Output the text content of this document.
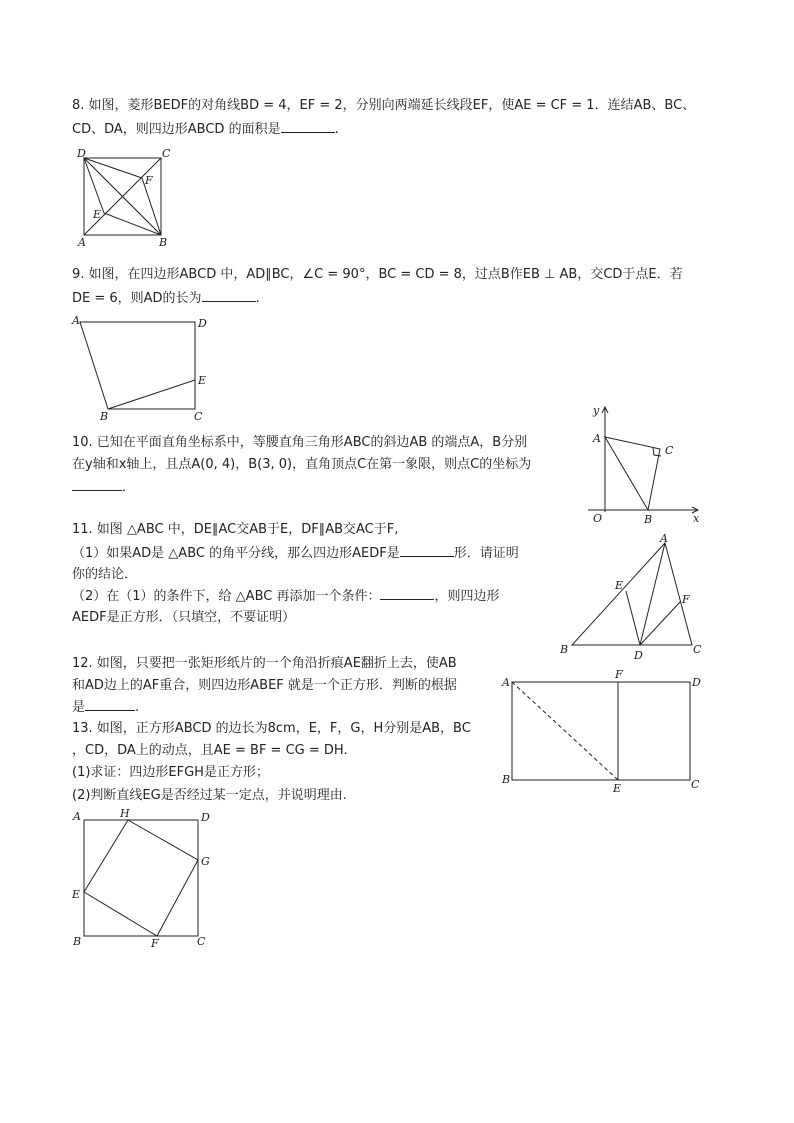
8. 如图，菱形BEDF的对角线BD = 4，EF = 2，分别向两端延长线段EF，使AE = CF = 1．连结AB、BC、
CD、DA，则四边形ABCD 的面积是	.
D	C
F
E
A	B
9. 如图，在四边形ABCD 中，AD∥BC，∠C = 90°，BC = CD = 8，过点B作EB ⊥ AB，交CD于点E．若
DE = 6，则AD的长为	.
A	D
E
B	C
10. 已知在平面直角坐标系中，等腰直角三角形ABC的斜边AB 的端点A，B分别
在y轴和x轴上，且点A(0, 4)，B(3, 0)，直角顶点C在第一象限，则点C的坐标为
．
y
A
C
O	B	x
11. 如图 △ABC 中，DE∥AC交AB于E，DF∥AB交AC于F,
（1）如果AD是 △ABC 的角平分线，那么四边形AEDF是	形．请证明
你的结论．
（2）在（1）的条件下，给 △ABC 再添加一个条件：	，则四边形
AEDF是正方形．（只填空，不要证明）
A
E
F
B	D	C
12. 如图，只要把一张矩形纸片的一个角沿折痕AE翻折上去，使AB
和AD边上的AF重合，则四边形ABEF 就是一个正方形．判断的根据
是	.
A
F
D
B
E	C
13. 如图，正方形ABCD 的边长为8cm，E，F，G，H分别是AB，BC
，CD，DA上的动点，且AE = BF = CG = DH.
(1)求证：四边形EFGH是正方形；
(2)判断直线EG是否经过某一定点，并说明理由.
A	H	D
G
E
B	F	C
